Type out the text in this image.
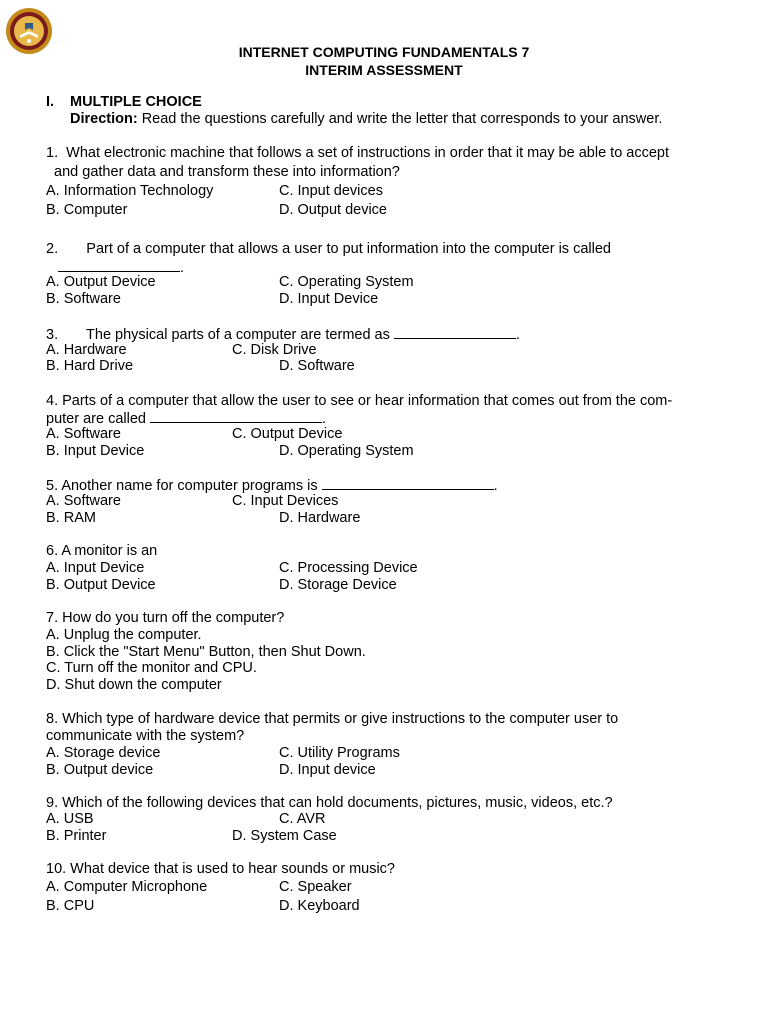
INTERNET COMPUTING FUNDAMENTALS 7
INTERIM ASSESSMENT
I. MULTIPLE CHOICE
Direction: Read the questions carefully and write the letter that corresponds to your answer.
1.  What electronic machine that follows a set of instructions in order that it may be able to accept
and gather data and transform these into information?
A. Information Technology
B. Computer
C. Input devices
D. Output device
2.       Part of a computer that allows a user to put information into the computer is called
.
A. Output Device
B. Software
C. Operating System
D. Input Device
3.       The physical parts of a computer are termed as	.
A. Hardware
B. Hard Drive
C. Disk Drive
D. Software
4. Parts of a computer that allow the user to see or hear information that comes out from the com-
puter are called	.
A. Software
B. Input Device
C. Output Device
D. Operating System
5. Another name for computer programs is	.
A. Software
B. RAM
C. Input Devices
D. Hardware
6. A monitor is an
A. Input Device
B. Output Device
C. Processing Device
D. Storage Device
7. How do you turn off the computer?
A. Unplug the computer.
B. Click the "Start Menu" Button, then Shut Down.
C. Turn off the monitor and CPU.
D. Shut down the computer
8. Which type of hardware device that permits or give instructions to the computer user to
communicate with the system?
A. Storage device
B. Output device
C. Utility Programs
D. Input device
9. Which of the following devices that can hold documents, pictures, music, videos, etc.?
A. USB
B. Printer
C. AVR
D. System Case
10. What device that is used to hear sounds or music?
A. Computer Microphone
B. CPU
C. Speaker
D. Keyboard
